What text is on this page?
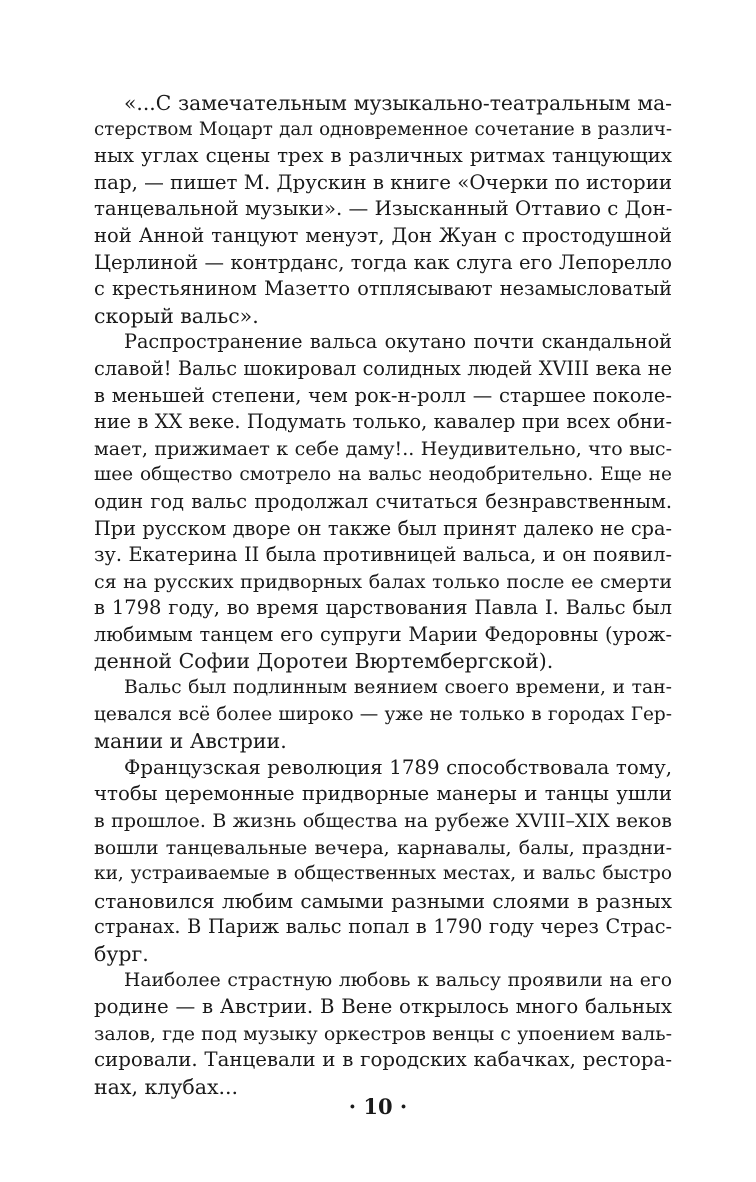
«...С замечательным музыкально-театральным ма-
стерством Моцарт дал одновременное сочетание в различ-
ных углах сцены трех в различных ритмах танцующих
пар, — пишет М. Друскин в книге «Очерки по истории
танцевальной музыки». — Изысканный Оттавио с Дон-
ной Анной танцуют менуэт, Дон Жуан с простодушной
Церлиной — контрданс, тогда как слуга его Лепорелло
с крестьянином Мазетто отплясывают незамысловатый
скорый вальс».
Распространение вальса окутано почти скандальной
славой! Вальс шокировал солидных людей XVIII века не
в меньшей степени, чем рок-н-ролл — старшее поколе-
ние в XX веке. Подумать только, кавалер при всех обни-
мает, прижимает к себе даму!.. Неудивительно, что выс-
шее общество смотрело на вальс неодобрительно. Еще не
один год вальс продолжал считаться безнравственным.
При русском дворе он также был принят далеко не сра-
зу. Екатерина II была противницей вальса, и он появил-
ся на русских придворных балах только после ее смерти
в 1798 году, во время царствования Павла I. Вальс был
любимым танцем его супруги Марии Федоровны (урож-
денной Софии Доротеи Вюртембергской).
Вальс был подлинным веянием своего времени, и тан-
цевался всё более широко — уже не только в городах Гер-
мании и Австрии.
Французская революция 1789 способствовала тому,
чтобы церемонные придворные манеры и танцы ушли
в прошлое. В жизнь общества на рубеже XVIII–XIX веков
вошли танцевальные вечера, карнавалы, балы, праздни-
ки, устраиваемые в общественных местах, и вальс быстро
становился любим самыми разными слоями в разных
странах. В Париж вальс попал в 1790 году через Страс-
бург.
Наиболее страстную любовь к вальсу проявили на его
родине — в Австрии. В Вене открылось много бальных
залов, где под музыку оркестров венцы с упоением валь-
сировали. Танцевали и в городских кабачках, рестора-
нах, клубах...
· 10 ·
